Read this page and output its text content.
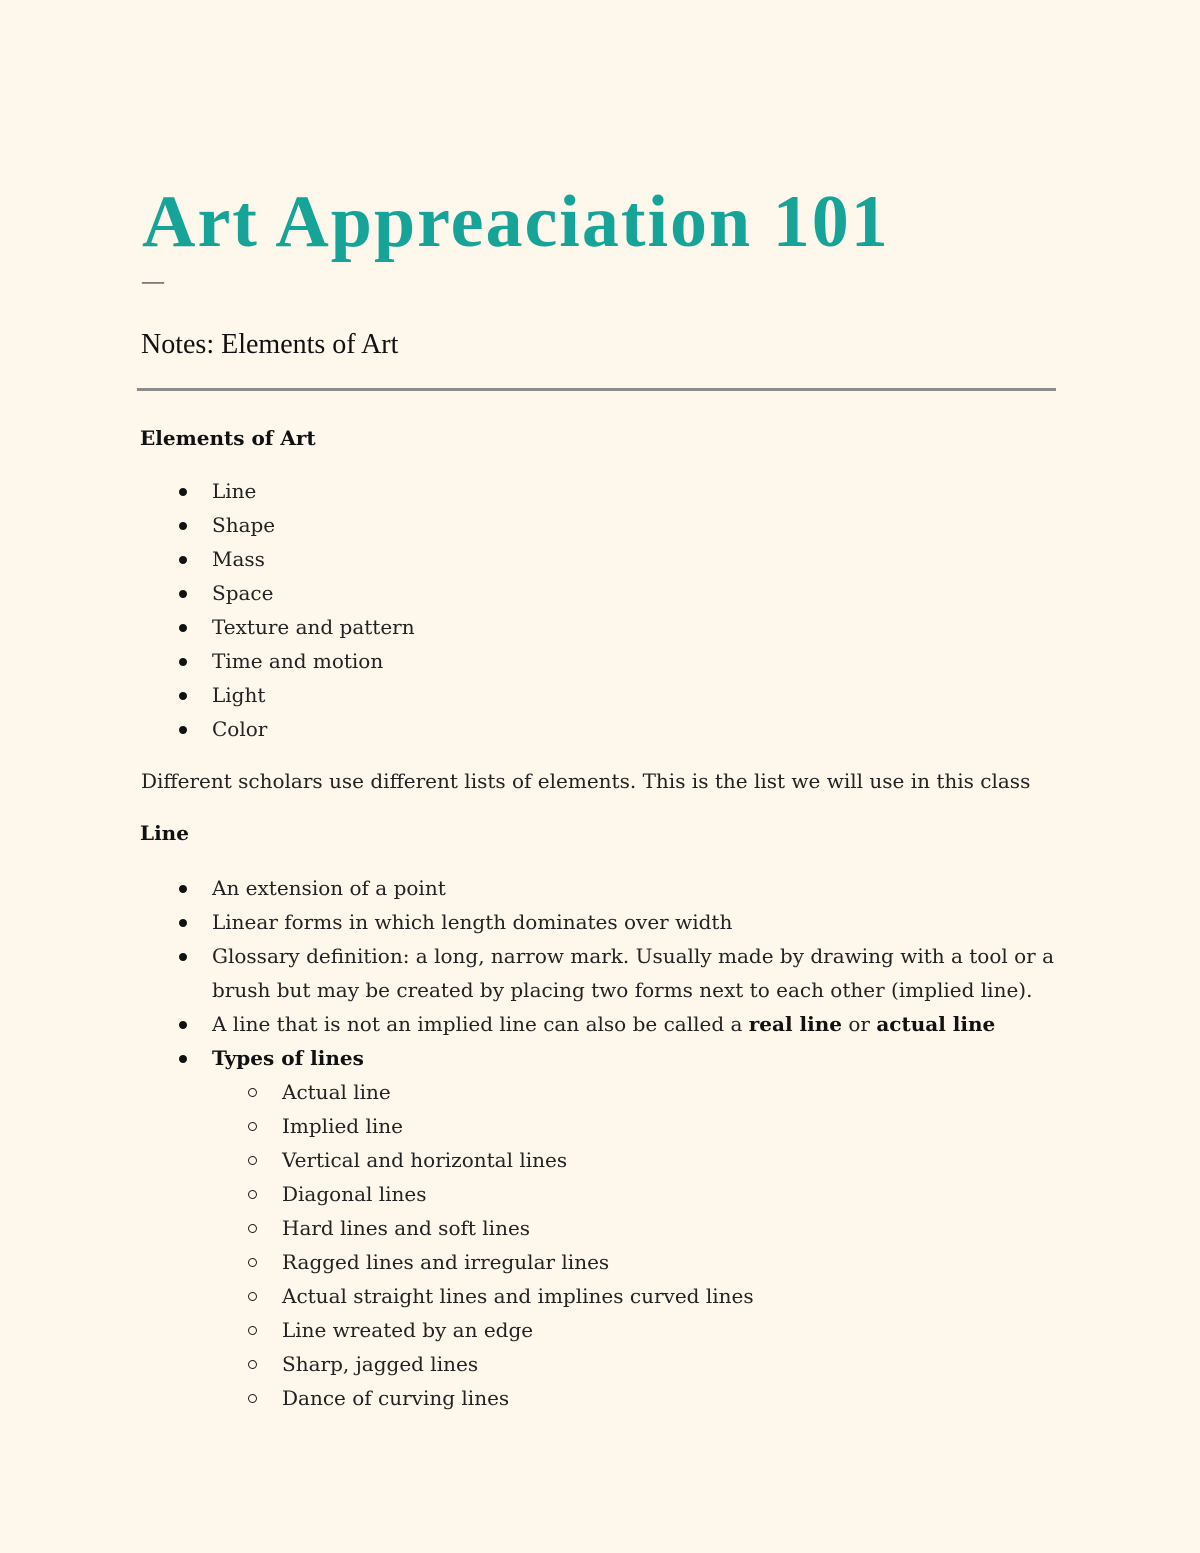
Art Appreaciation 101
—
Notes: Elements of Art
Elements of Art
Line
Shape
Mass
Space
Texture and pattern
Time and motion
Light
Color

Different scholars use different lists of elements. This is the list we will use in this class

Line
An extension of a point
Linear forms in which length dominates over width
Glossary definition: a long, narrow mark. Usually made by drawing with a tool or a brush but may be created by placing two forms next to each other (implied line).
A line that is not an implied line can also be called a real line or actual line
Types of lines
Actual line
Implied line
Vertical and horizontal lines
Diagonal lines
Hard lines and soft lines
Ragged lines and irregular lines
Actual straight lines and implines curved lines
Line wreated by an edge
Sharp, jagged lines
Dance of curving lines
